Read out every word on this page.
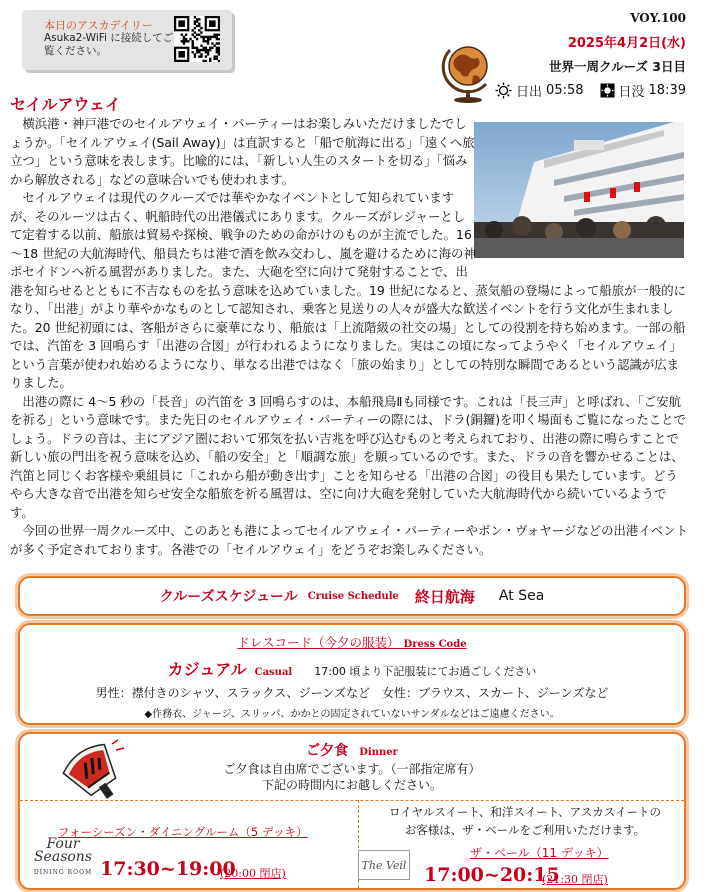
本日のアスカデイリー
Asuka2-WiFi に接続してご覧ください。
VOY.100
2025年4月2日(水)
世界一周クルーズ 3日目
日出 05:58	日没 18:39
セイルアウェイ

横浜港・神戸港でのセイルアウェイ・パーティーはお楽しみいただけましたでしょうか。「セイルアウェイ(Sail Away)」は直訳すると「船で航海に出る」「遠くへ旅立つ」という意味を表します。比喩的には、「新しい人生のスタートを切る」「悩みから解放される」などの意味合いでも使われます。

セイルアウェイは現代のクルーズでは華やかなイベントとして知られていますが、そのルーツは古く、帆船時代の出港儀式にあります。クルーズがレジャーとして定着する以前、船旅は貿易や探検、戦争のための命がけのものが主流でした。16～18 世紀の大航海時代、船員たちは港で酒を飲み交わし、嵐を避けるために海の神ポセイドンへ祈る風習がありました。また、大砲を空に向けて発射することで、出港を知らせるとともに不吉なものを払う意味を込めていました。19 世紀になると、蒸気船の登場によって船旅が一般的になり、「出港」がより華やかなものとして認知され、乗客と見送りの人々が盛大な歓送イベントを行う文化が生まれました。20 世紀初頭には、客船がさらに豪華になり、船旅は「上流階級の社交の場」としての役割を持ち始めます。一部の船では、汽笛を 3 回鳴らす「出港の合図」が行われるようになりました。実はこの頃になってようやく「セイルアウェイ」という言葉が使われ始めるようになり、単なる出港ではなく「旅の始まり」としての特別な瞬間であるという認識が広まりました。

出港の際に 4～5 秒の「長音」の汽笛を 3 回鳴らすのは、本船飛鳥Ⅱも同様です。これは「長三声」と呼ばれ、「ご安航を祈る」という意味です。また先日のセイルアウェイ・パーティーの際には、ドラ(銅鑼)を叩く場面もご覧になったことでしょう。ドラの音は、主にアジア圏において邪気を払い吉兆を呼び込むものと考えられており、出港の際に鳴らすことで新しい旅の門出を祝う意味を込め、「船の安全」と「順調な旅」を願っているのです。また、ドラの音を響かせることは、汽笛と同じくお客様や乗組員に「これから船が動き出す」ことを知らせる「出港の合図」の役目も果たしています。どうやら大きな音で出港を知らせ安全な船旅を祈る風習は、空に向け大砲を発射していた大航海時代から続いているようです。

今回の世界一周クルーズ中、このあとも港によってセイルアウェイ・パーティーやボン・ヴォヤージなどの出港イベントが多く予定されております。各港での「セイルアウェイ」をどうぞお楽しみください。

クルーズスケジュール Cruise Schedule 終日航海 At Sea
ドレスコード（今夕の服装） Dress Code
カジュアル Casual 17:00 頃より下記服装にてお過ごしください
男性：襟付きのシャツ、スラックス、ジーンズなど　女性：ブラウス、スカート、ジーンズなど
◆作務衣、ジャージ、スリッパ、かかとの固定されていないサンダルなどはご遠慮ください。
ご夕食 Dinner
ご夕食は自由席でございます。（一部指定席有）
下記の時間内にお越しください。
フォーシーズン・ダイニングルーム（5 デッキ）
Four Seasons
DINING ROOM 17:30~19:00
(20:00 閉店)
ロイヤルスイート、和洋スイート、アスカスイートの
お客様は、ザ・ベールをご利用いただけます。
The Veil
ザ・ベール（11 デッキ）
17:00~20:15
(21:30 閉店)
